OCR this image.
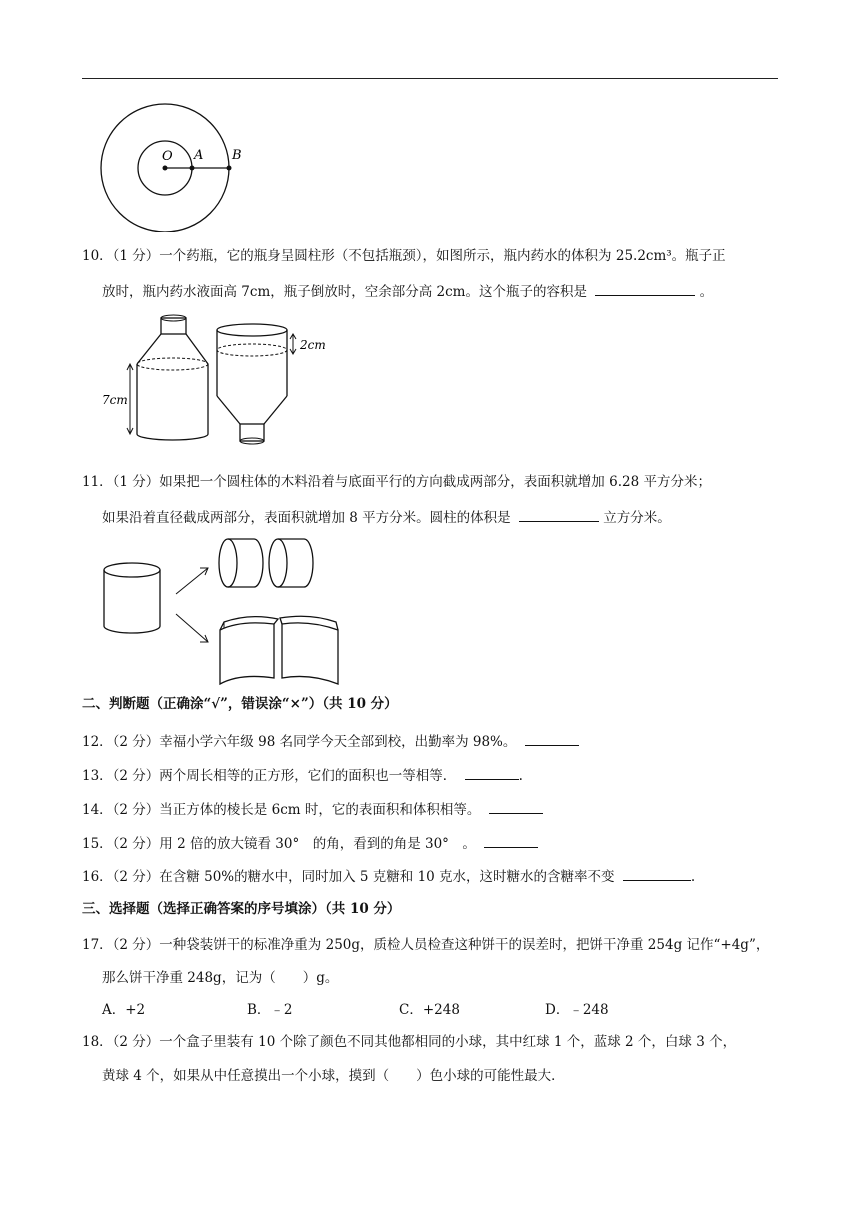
O A B
10．（1 分）一个药瓶，它的瓶身呈圆柱形（不包括瓶颈），如图所示，瓶内药水的体积为 25.2cm³。瓶子正
放时，瓶内药水液面高 7cm，瓶子倒放时，空余部分高 2cm。这个瓶子的容积是	。
7cm
2cm
11．（1 分）如果把一个圆柱体的木料沿着与底面平行的方向截成两部分，表面积就增加 6.28 平方分米；
如果沿着直径截成两部分，表面积就增加 8 平方分米。圆柱的体积是	立方分米。
二、判断题（正确涂“√”，错误涂“×”）（共 10 分）
12．（2 分）幸福小学六年级 98 名同学今天全部到校，出勤率为 98%。
13．（2 分）两个周长相等的正方形，它们的面积也一等相等．	.
14．（2 分）当正方体的棱长是 6cm 时，它的表面积和体积相等。
15．（2 分）用 2 倍的放大镜看 30°　的角，看到的角是 30°　。
16．（2 分）在含糖 50%的糖水中，同时加入 5 克糖和 10 克水，这时糖水的含糖率不变	.
三、选择题（选择正确答案的序号填涂）（共 10 分）
17．（2 分）一种袋装饼干的标准净重为 250g，质检人员检查这种饼干的误差时，把饼干净重 254g 记作“+4g”，
那么饼干净重 248g，记为（　　）g。
A．+2	B．﹣2	C．+248	D．﹣248
18．（2 分）一个盒子里装有 10 个除了颜色不同其他都相同的小球，其中红球 1 个，蓝球 2 个，白球 3 个，
黄球 4 个，如果从中任意摸出一个小球，摸到（　　）色小球的可能性最大．
